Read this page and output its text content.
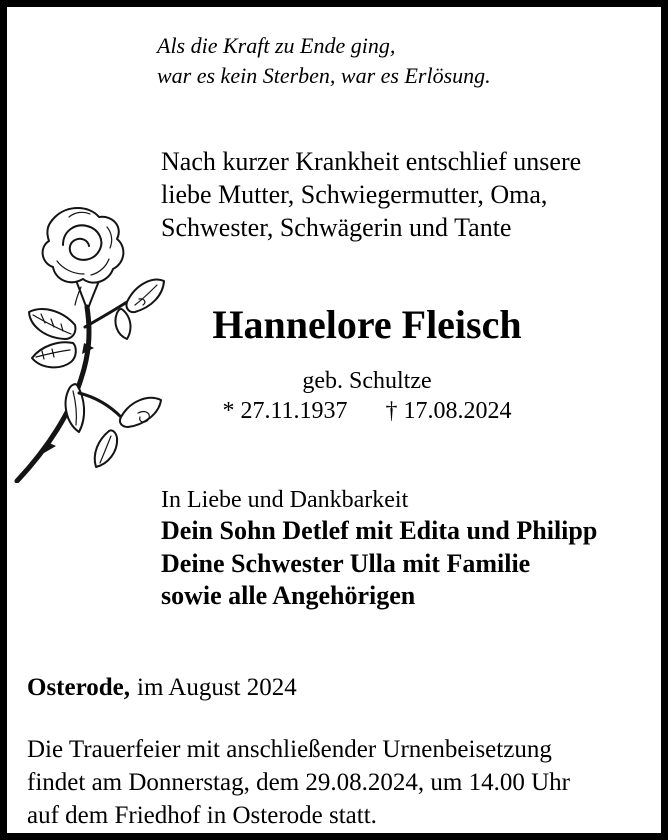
Als die Kraft zu Ende ging,
war es kein Sterben, war es Erlösung.
Nach kurzer Krankheit entschlief unsere
liebe Mutter, Schwiegermutter, Oma,
Schwester, Schwägerin und Tante
Hannelore Fleisch
geb. Schultze
* 27.11.1937 † 17.08.2024
In Liebe und Dankbarkeit
Dein Sohn Detlef mit Edita und Philipp
Deine Schwester Ulla mit Familie
sowie alle Angehörigen
Osterode, im August 2024
Die Trauerfeier mit anschließender Urnenbeisetzung
findet am Donnerstag, dem 29.08.2024, um 14.00 Uhr
auf dem Friedhof in Osterode statt.
